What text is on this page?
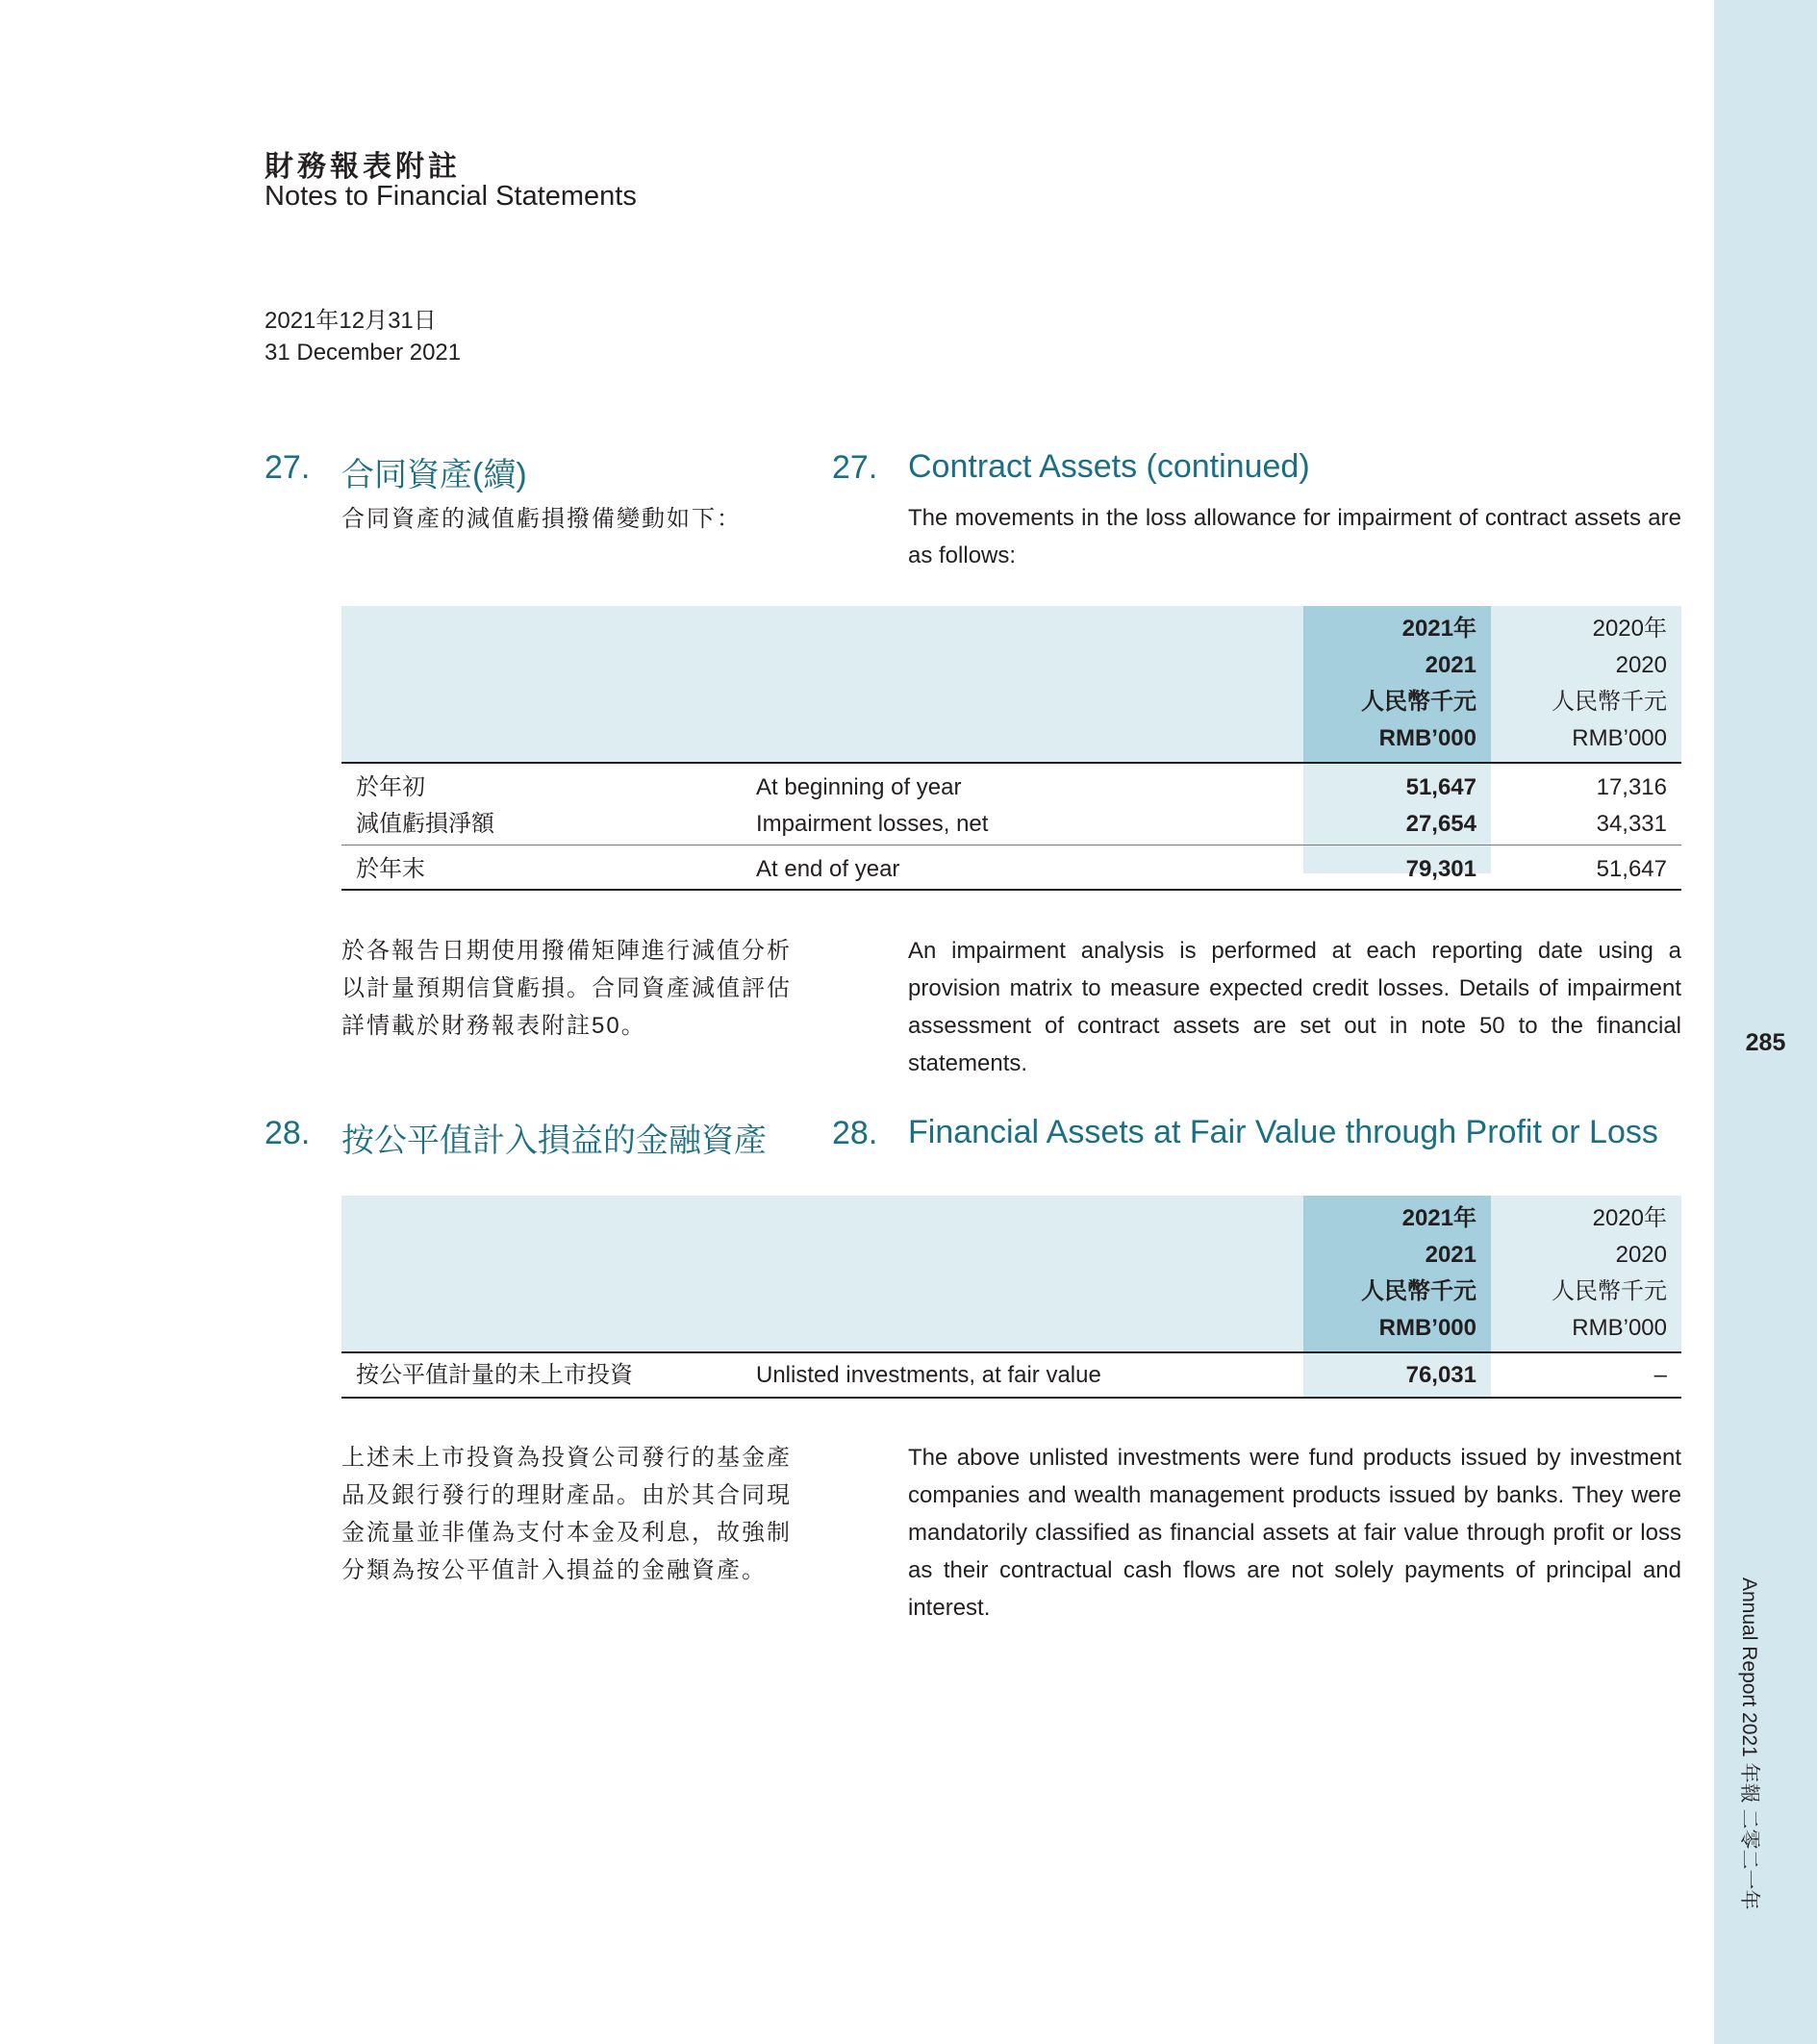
285
Annual Report 2021 年報 二零二一年
財務報表附註
Notes to Financial Statements
2021年12月31日
31 December 2021
27. 合同資產(續)	27. Contract Assets (continued)
合同資產的減值虧損撥備變動如下：	The movements in the loss allowance for impairment of contract assets are as follows:
2021年
2021
人民幣千元
RMB’000
2020年
2020
人民幣千元
RMB’000
於年初	At beginning of year	51,647	17,316
減值虧損淨額	Impairment losses, net	27,654	34,331
於年末	At end of year	79,301	51,647
於各報告日期使用撥備矩陣進行減值分析以計量預期信貸虧損。合同資產減值評估詳情載於財務報表附註50。
An impairment analysis is performed at each reporting date using a provision matrix to measure expected credit losses. Details of impairment assessment of contract assets are set out in note 50 to the financial statements.
28. 按公平值計入損益的金融資產 28. Financial Assets at Fair Value through Profit or Loss
2021年
2021
人民幣千元
RMB’000
2020年
2020
人民幣千元
RMB’000
按公平值計量的未上市投資	Unlisted investments, at fair value	76,031	–
上述未上市投資為投資公司發行的基金產品及銀行發行的理財產品。由於其合同現金流量並非僅為支付本金及利息，故強制分類為按公平值計入損益的金融資產。
The above unlisted investments were fund products issued by investment companies and wealth management products issued by banks. They were mandatorily classified as financial assets at fair value through profit or loss as their contractual cash flows are not solely payments of principal and interest.
